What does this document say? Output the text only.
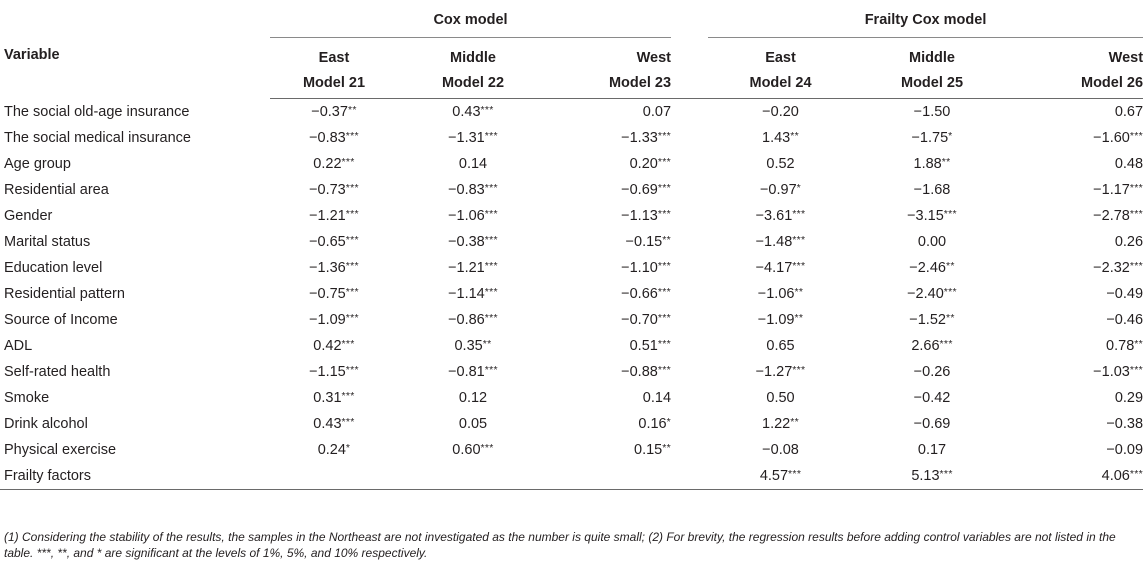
Variable	Cox model				Frailty Cox model		

	East	Middle	West		East	Middle	West
	Model 21	Model 22	Model 23		Model 24	Model 25	Model 26
The social old-age insurance	−0.37**	0.43***	0.07		−0.20	−1.50	0.67
The social medical insurance	−0.83***	−1.31***	−1.33***		1.43**	−1.75*	−1.60***
Age group	0.22***	0.14	0.20***		0.52	1.88**	0.48
Residential area	−0.73***	−0.83***	−0.69***		−0.97*	−1.68	−1.17***
Gender	−1.21***	−1.06***	−1.13***		−3.61***	−3.15***	−2.78***
Marital status	−0.65***	−0.38***	−0.15**		−1.48***	0.00	0.26
Education level	−1.36***	−1.21***	−1.10***		−4.17***	−2.46**	−2.32***
Residential pattern	−0.75***	−1.14***	−0.66***		−1.06**	−2.40***	−0.49
Source of Income	−1.09***	−0.86***	−0.70***		−1.09**	−1.52**	−0.46
ADL	0.42***	0.35**	0.51***		0.65	2.66***	0.78**
Self-rated health	−1.15***	−0.81***	−0.88***		−1.27***	−0.26	−1.03***
Smoke	0.31***	0.12	0.14		0.50	−0.42	0.29
Drink alcohol	0.43***	0.05	0.16*		1.22**	−0.69	−0.38
Physical exercise	0.24*	0.60***	0.15**		−0.08	0.17	−0.09
Frailty factors					4.57***	5.13***	4.06***
(1) Considering the stability of the results, the samples in the Northeast are not investigated as the number is quite small; (2) For brevity, the regression results before adding control variables are not listed in the table. ***, **, and * are significant at the levels of 1%, 5%, and 10% respectively.
